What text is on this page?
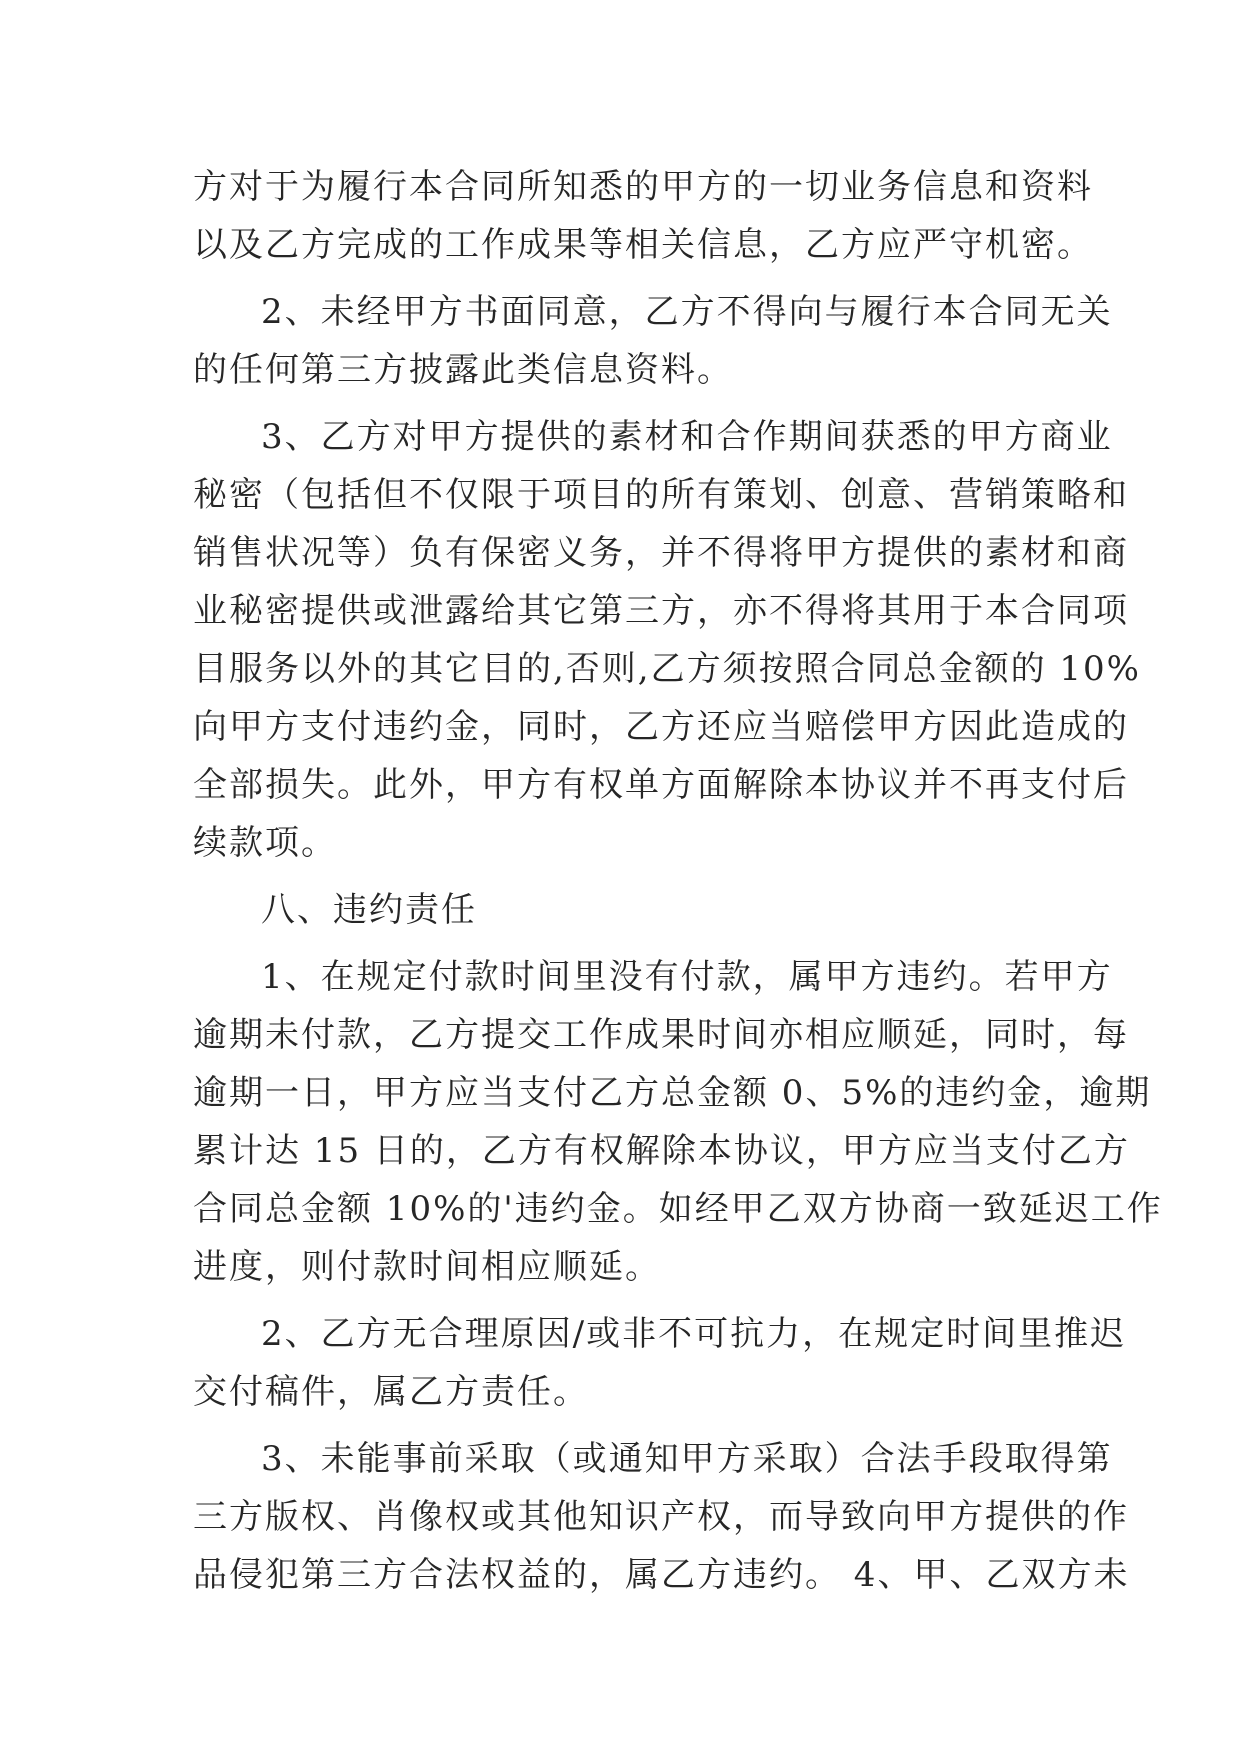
方对于为履行本合同所知悉的甲方的一切业务信息和资料
以及乙方完成的工作成果等相关信息，乙方应严守机密。
2、未经甲方书面同意，乙方不得向与履行本合同无关
的任何第三方披露此类信息资料。
3、乙方对甲方提供的素材和合作期间获悉的甲方商业
秘密（包括但不仅限于项目的所有策划、创意、营销策略和
销售状况等）负有保密义务，并不得将甲方提供的素材和商
业秘密提供或泄露给其它第三方，亦不得将其用于本合同项
目服务以外的其它目的,否则,乙方须按照合同总金额的 10%
向甲方支付违约金，同时，乙方还应当赔偿甲方因此造成的
全部损失。此外，甲方有权单方面解除本协议并不再支付后
续款项。
八、违约责任
1、在规定付款时间里没有付款，属甲方违约。若甲方
逾期未付款，乙方提交工作成果时间亦相应顺延，同时，每
逾期一日，甲方应当支付乙方总金额 0、5%的违约金，逾期
累计达 15 日的，乙方有权解除本协议，甲方应当支付乙方
合同总金额 10%的'违约金。如经甲乙双方协商一致延迟工作
进度，则付款时间相应顺延。
2、乙方无合理原因/或非不可抗力，在规定时间里推迟
交付稿件，属乙方责任。
3、未能事前采取（或通知甲方采取）合法手段取得第
三方版权、肖像权或其他知识产权，而导致向甲方提供的作
品侵犯第三方合法权益的，属乙方违约。 4、甲、乙双方未
